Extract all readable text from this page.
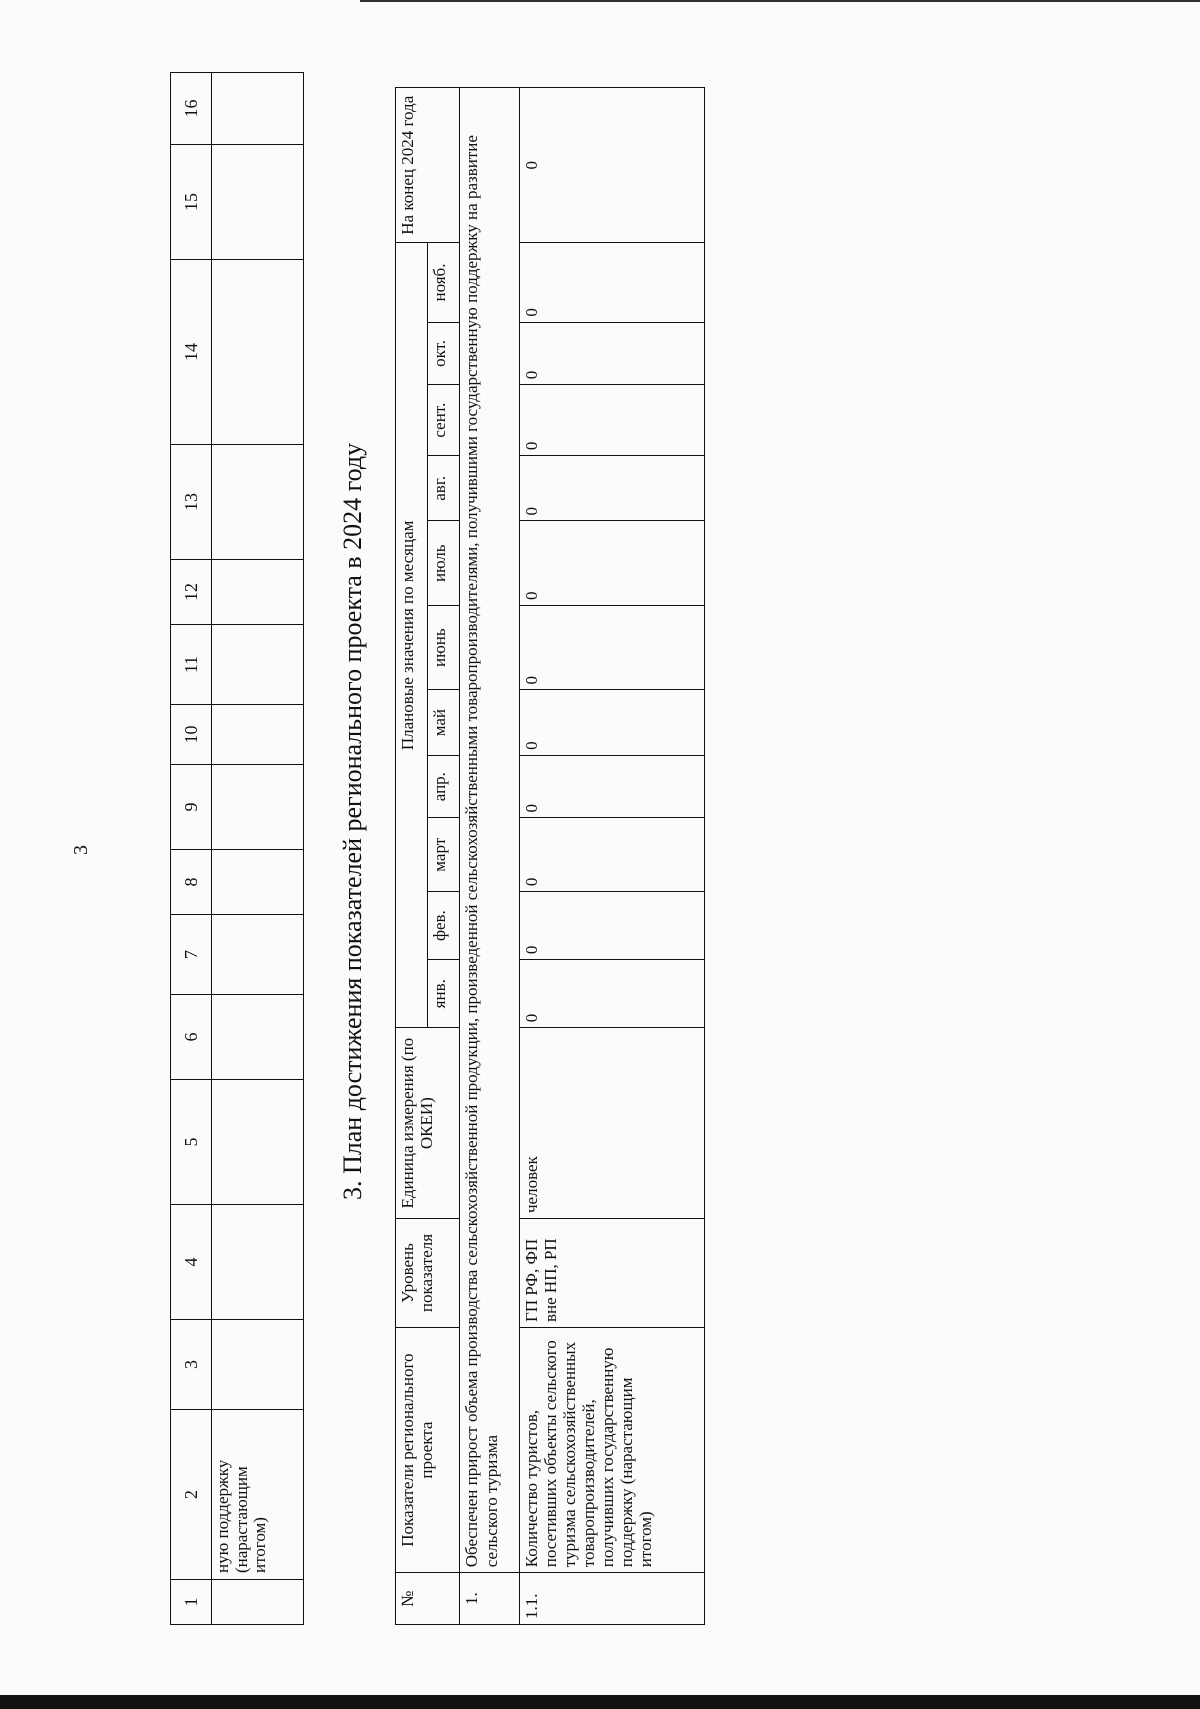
3
1	2	3	4	5	6	7	8	9	10	11	12	13	14	15	16
	ную поддержку (нарастающим итогом)														
3. План достижения показателей регионального проекта в 2024 году
№	Показатели регионального проекта	Уровень показателя	Единица измерения (по ОКЕИ)	Плановые значения по месяцам											На конец 2024 года
				янв.	фев.	март	апр.	май	июнь	июль	авг.	сент.	окт.	нояб.	
1.	Обеспечен прирост объема производства сельскохозяйственной продукции, произведенной сельскохозяйственными товаропроизводителями, получившими государственную поддержку на развитие сельского туризма														
1.1.	Количество туристов, посетивших объекты сельского туризма сельскохозяйственных товаропроизводителей, получивших государственную поддержку (нарастающим итогом)	ГП РФ, ФП вне НП, РП	человек	0	0	0	0	0	0	0	0	0	0	0	0
